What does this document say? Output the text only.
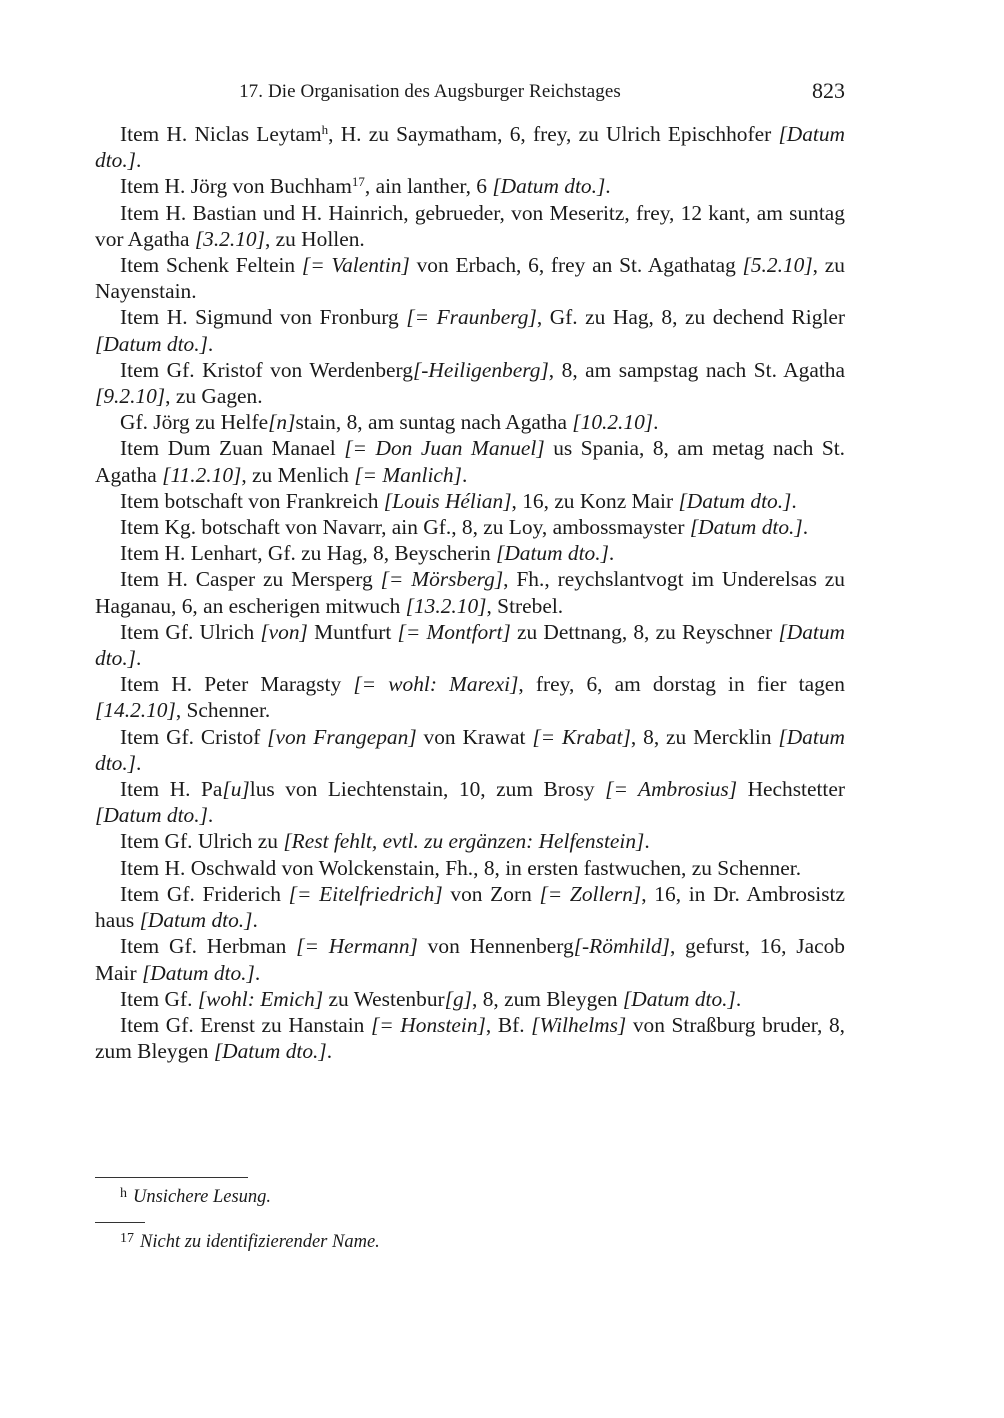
17. Die Organisation des Augsburger Reichstages	823

Item H. Niclas Leytam$^h$, H. zu Saymatham, 6, frey, zu Ulrich Epischhofer [Datum dto.].

Item H. Jörg von Buchham$^{17}$, ain lanther, 6 [Datum dto.].

Item H. Bastian und H. Hainrich, gebrueder, von Meseritz, frey, 12 kant, am suntag vor Agatha [3.2.10], zu Hollen.

Item Schenk Feltein [= Valentin] von Erbach, 6, frey an St. Agathatag [5.2.10], zu Nayenstain.

Item H. Sigmund von Fronburg [= Fraunberg], Gf. zu Hag, 8, zu dechend Rigler [Datum dto.].

Item Gf. Kristof von Werdenberg[-Heiligenberg], 8, am sampstag nach St. Agatha [9.2.10], zu Gagen.

Gf. Jörg zu Helfe[n]stain, 8, am suntag nach Agatha [10.2.10].

Item Dum Zuan Manael [= Don Juan Manuel] us Spania, 8, am metag nach St. Agatha [11.2.10], zu Menlich [= Manlich].

Item botschaft von Frankreich [Louis Hélian], 16, zu Konz Mair [Datum dto.].

Item Kg. botschaft von Navarr, ain Gf., 8, zu Loy, ambossmayster [Datum dto.].

Item H. Lenhart, Gf. zu Hag, 8, Beyscherin [Datum dto.].

Item H. Casper zu Mersperg [= Mörsberg], Fh., reychslantvogt im Underelsas zu Haganau, 6, an escherigen mitwuch [13.2.10], Strebel.

Item Gf. Ulrich [von] Muntfurt [= Montfort] zu Dettnang, 8, zu Reyschner [Datum dto.].

Item H. Peter Maragsty [= wohl: Marexi], frey, 6, am dorstag in fier tagen [14.2.10], Schenner.

Item Gf. Cristof [von Frangepan] von Krawat [= Krabat], 8, zu Mercklin [Datum dto.].

Item H. Pa[u]lus von Liechtenstain, 10, zum Brosy [= Ambrosius] Hechstetter [Datum dto.].

Item Gf. Ulrich zu [Rest fehlt, evtl. zu ergänzen: Helfenstein].

Item H. Oschwald von Wolckenstain, Fh., 8, in ersten fastwuchen, zu Schenner.

Item Gf. Friderich [= Eitelfriedrich] von Zorn [= Zollern], 16, in Dr. Ambrosistz haus [Datum dto.].

Item Gf. Herbman [= Hermann] von Hennenberg[-Römhild], gefurst, 16, Jacob Mair [Datum dto.].

Item Gf. [wohl: Emich] zu Westenbur[g], 8, zum Bleygen [Datum dto.].

Item Gf. Erenst zu Hanstain [= Honstein], Bf. [Wilhelms] von Straßburg bruder, 8, zum Bleygen [Datum dto.].

$^h$ Unsichere Lesung.
$^{17}$ Nicht zu identifizierender Name.
